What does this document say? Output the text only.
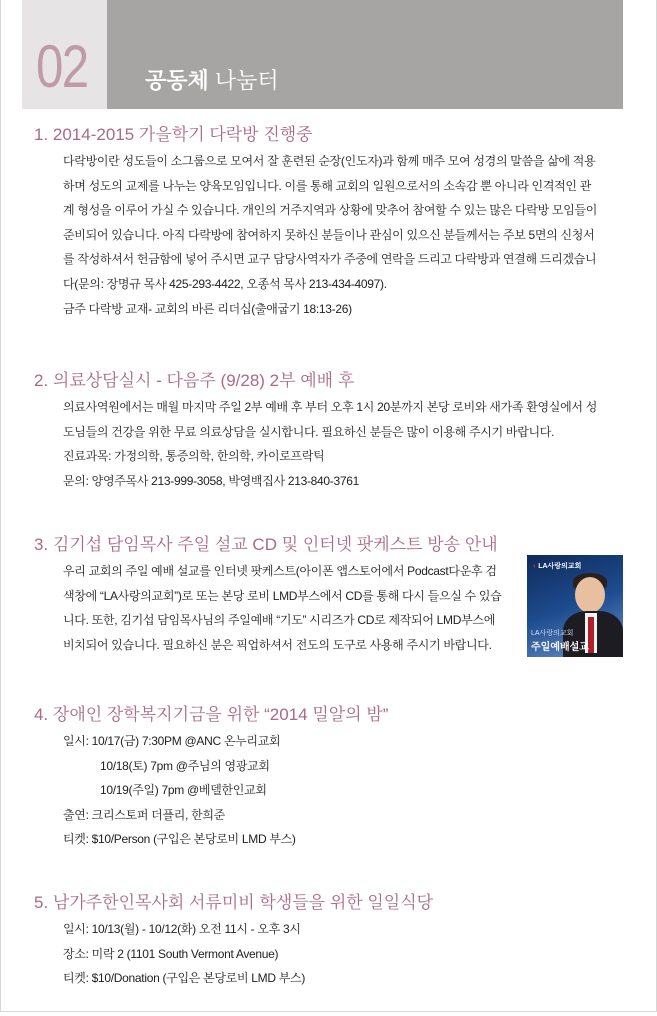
02	공동체 나눔터
1. 2014-2015 가을학기 다락방 진행중

다락방이란 성도들이 소그룹으로 모여서 잘 훈련된 순장(인도자)과 함께 매주 모여 성경의 말씀을 삶에 적용

하며 성도의 교제를 나누는 양육모임입니다. 이를 통해 교회의 일원으로서의 소속감 뿐 아니라 인격적인 관

계 형성을 이루어 가실 수 있습니다. 개인의 거주지역과 상황에 맞추어 참여할 수 있는 많은 다락방 모임들이

준비되어 있습니다. 아직 다락방에 참여하지 못하신 분들이나 관심이 있으신 분들께서는 주보 5면의 신청서

를 작성하셔서 헌금함에 넣어 주시면 교구 담당사역자가 주중에 연락을 드리고 다락방과 연결해 드리겠습니

다(문의: 장명규 목사 425-293-4422, 오종석 목사 213-434-4097).

금주 다락방 교재- 교회의 바른 리더십(출애굽기 18:13-26)

2. 의료상담실시 - 다음주 (9/28) 2부 예배 후

의료사역원에서는 매월 마지막 주일 2부 예배 후 부터 오후 1시 20분까지 본당 로비와 새가족 환영실에서 성

도님들의 건강을 위한 무료 의료상담을 실시합니다. 필요하신 분들은 많이 이용해 주시기 바랍니다.

진료과목: 가정의학, 통증의학, 한의학, 카이로프락틱

문의: 양영주목사 213-999-3058, 박영백집사 213-840-3761

3. 김기섭 담임목사 주일 설교 CD 및 인터넷 팟케스트 방송 안내

우리 교회의 주일 예배 설교를 인터넷 팟케스트(아이폰 앱스토어에서 Podcast다운후 검

색창에 “LA사랑의교회”)로 또는 본당 로비 LMD부스에서 CD를 통해 다시 들으실 수 있습

니다. 또한, 김기섭 담임목사님의 주일예배 “기도” 시리즈가 CD로 제작되어 LMD부스에

비치되어 있습니다. 필요하신 분은 픽업하셔서 전도의 도구로 사용해 주시기 바랍니다.

◖ LA사랑의교회
LA사랑의교회
주일예배설교
4. 장애인 장학복지기금을 위한 “2014 밀알의 밤”

일시: 10/17(금) 7:30PM @ANC 온누리교회

10/18(토) 7pm @주님의 영광교회

10/19(주일) 7pm @베델한인교회

출연: 크리스토퍼 더플리, 한희준

티켓: $10/Person (구입은 본당로비 LMD 부스)

5. 남가주한인목사회 서류미비 학생들을 위한 일일식당

일시: 10/13(월) - 10/12(화) 오전 11시 - 오후 3시

장소: 미락 2 (1101 South Vermont Avenue)

티켓: $10/Donation (구입은 본당로비 LMD 부스)
